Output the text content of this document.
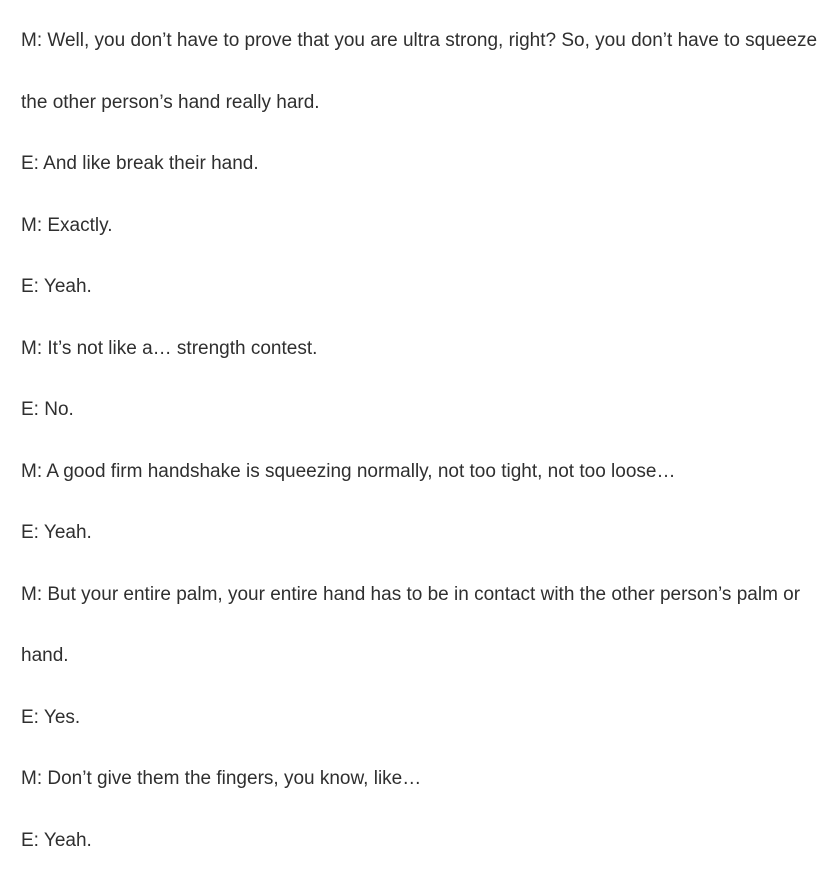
M: Well, you don’t have to prove that you are ultra strong, right? So, you don’t have to squeeze the other person’s hand really hard.

E: And like break their hand.

M: Exactly.

E: Yeah.

M: It’s not like a… strength contest.

E: No.

M: A good firm handshake is squeezing normally, not too tight, not too loose…

E: Yeah.

M: But your entire palm, your entire hand has to be in contact with the other person’s palm or hand.

E: Yes.

M: Don’t give them the fingers, you know, like…

E: Yeah.
